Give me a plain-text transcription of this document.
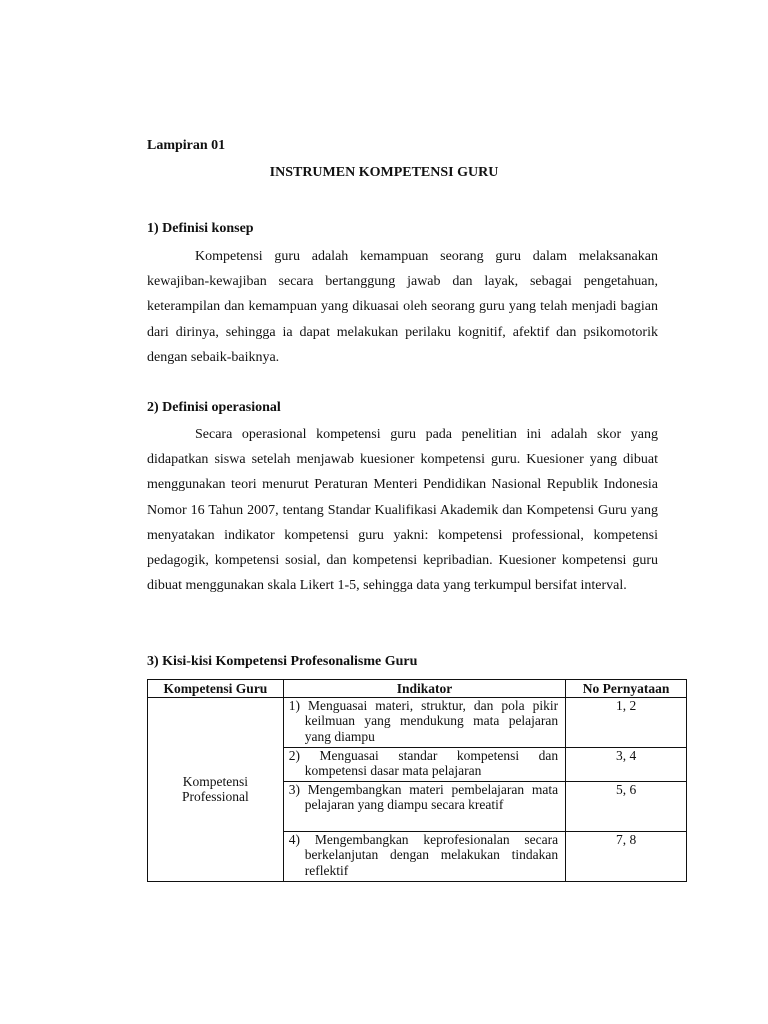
Lampiran 01
INSTRUMEN KOMPETENSI GURU
1) Definisi konsep

Kompetensi guru adalah kemampuan seorang guru dalam melaksanakan kewajiban-kewajiban secara bertanggung jawab dan layak, sebagai pengetahuan, keterampilan dan kemampuan yang dikuasai oleh seorang guru yang telah menjadi bagian dari dirinya, sehingga ia dapat melakukan perilaku kognitif, afektif dan psikomotorik dengan sebaik-baiknya.

2) Definisi operasional

Secara operasional kompetensi guru pada penelitian ini adalah skor yang didapatkan siswa setelah menjawab kuesioner kompetensi guru. Kuesioner yang dibuat menggunakan teori menurut Peraturan Menteri Pendidikan Nasional Republik Indonesia Nomor 16 Tahun 2007, tentang Standar Kualifikasi Akademik dan Kompetensi Guru yang menyatakan indikator kompetensi guru yakni: kompetensi professional, kompetensi pedagogik, kompetensi sosial, dan kompetensi kepribadian. Kuesioner kompetensi guru dibuat menggunakan skala Likert 1-5, sehingga data yang terkumpul bersifat interval.

3) Kisi-kisi Kompetensi Profesonalisme Guru
Kompetensi Guru	Indikator	No Pernyataan

Kompetensi
Professional	1) Menguasai materi, struktur, dan pola pikir keilmuan yang mendukung mata pelajaran yang diampu	1, 2
	2) Menguasai standar kompetensi dan kompetensi dasar mata pelajaran	3, 4
	3) Mengembangkan materi pembelajaran mata pelajaran yang diampu secara kreatif	5, 6
	4) Mengembangkan keprofesionalan secara berkelanjutan dengan melakukan tindakan reflektif	7, 8
